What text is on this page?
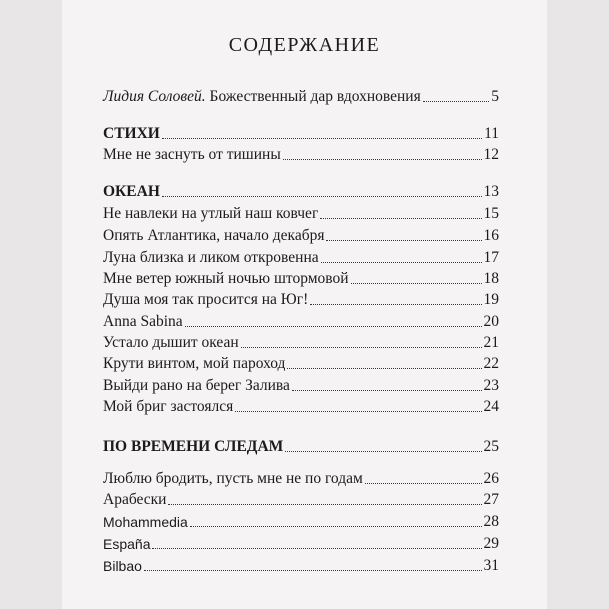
СОДЕРЖАНИЕ
Лидия Соловей. Божественный дар вдохновения	5
СТИХИ	11
Мне не заснуть от тишины	12
ОКЕАН	13
Не навлеки на утлый наш ковчег	15
Опять Атлантика, начало декабря	16
Луна близка и ликом откровенна	17
Мне ветер южный ночью штормовой	18
Душа моя так просится на Юг!	19
Anna Sabina	20
Устало дышит океан	21
Крути винтом, мой пароход	22
Выйди рано на берег Залива	23
Мой бриг застоялся	24
ПО ВРЕМЕНИ СЛЕДАМ	25
Люблю бродить, пусть мне не по годам	26
Арабески	27
Mohammedia	28
España	29
Bilbao	31
